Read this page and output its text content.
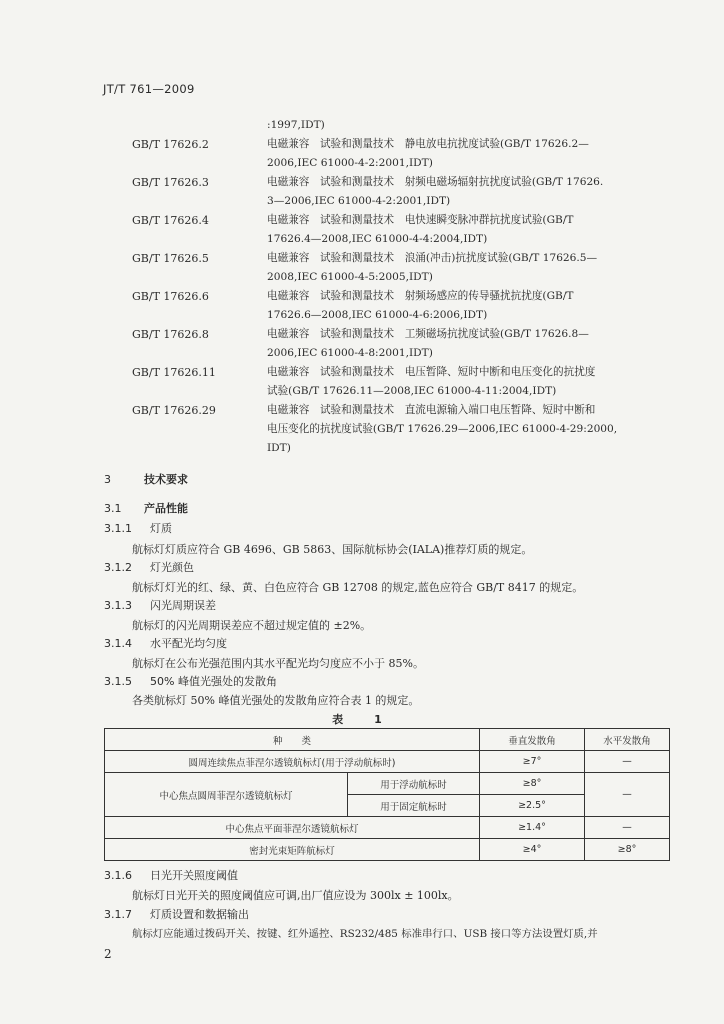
JT/T 761—2009
:1997,IDT)
GB/T 17626.2	电磁兼容　试验和测量技术　静电放电抗扰度试验(GB/T 17626.2—
2006,IEC 61000-4-2:2001,IDT)
GB/T 17626.3	电磁兼容　试验和测量技术　射频电磁场辐射抗扰度试验(GB/T 17626.
3—2006,IEC 61000-4-2:2001,IDT)
GB/T 17626.4	电磁兼容　试验和测量技术　电快速瞬变脉冲群抗扰度试验(GB/T
17626.4—2008,IEC 61000-4-4:2004,IDT)
GB/T 17626.5	电磁兼容　试验和测量技术　浪涌(冲击)抗扰度试验(GB/T 17626.5—
2008,IEC 61000-4-5:2005,IDT)
GB/T 17626.6	电磁兼容　试验和测量技术　射频场感应的传导骚扰抗扰度(GB/T
17626.6—2008,IEC 61000-4-6:2006,IDT)
GB/T 17626.8	电磁兼容　试验和测量技术　工频磁场抗扰度试验(GB/T 17626.8—
2006,IEC 61000-4-8:2001,IDT)
GB/T 17626.11	电磁兼容　试验和测量技术　电压暂降、短时中断和电压变化的抗扰度
试验(GB/T 17626.11—2008,IEC 61000-4-11:2004,IDT)
GB/T 17626.29	电磁兼容　试验和测量技术　直流电源输入端口电压暂降、短时中断和
电压变化的抗扰度试验(GB/T 17626.29—2006,IEC 61000-4-29:2000,
IDT)
3	技术要求
3.1 产品性能
3.1.1 灯质
航标灯灯质应符合 GB 4696、GB 5863、国际航标协会(IALA)推荐灯质的规定。
3.1.2 灯光颜色
航标灯灯光的红、绿、黄、白色应符合 GB 12708 的规定,蓝色应符合 GB/T 8417 的规定。
3.1.3 闪光周期误差
航标灯的闪光周期误差应不超过规定值的 ±2%。
3.1.4 水平配光均匀度
航标灯在公布光强范围内其水平配光均匀度应不小于 85%。
3.1.5 50% 峰值光强处的发散角
各类航标灯 50% 峰值光强处的发散角应符合表 1 的规定。
表　1
种　　类		垂直发散角	水平发散角
圆周连续焦点菲涅尔透镜航标灯(用于浮动航标时)		≥7°	—
中心焦点圆周菲涅尔透镜航标灯	用于浮动航标时	≥8°	—
	用于固定航标时	≥2.5°	
中心焦点平面菲涅尔透镜航标灯		≥1.4°	—
密封光束矩阵航标灯		≥4°	≥8°
3.1.6 日光开关照度阈值
航标灯日光开关的照度阈值应可调,出厂值应设为 300lx ± 100lx。
3.1.7 灯质设置和数据输出
航标灯应能通过拨码开关、按键、红外遥控、RS232/485 标准串行口、USB 接口等方法设置灯质,并
2
